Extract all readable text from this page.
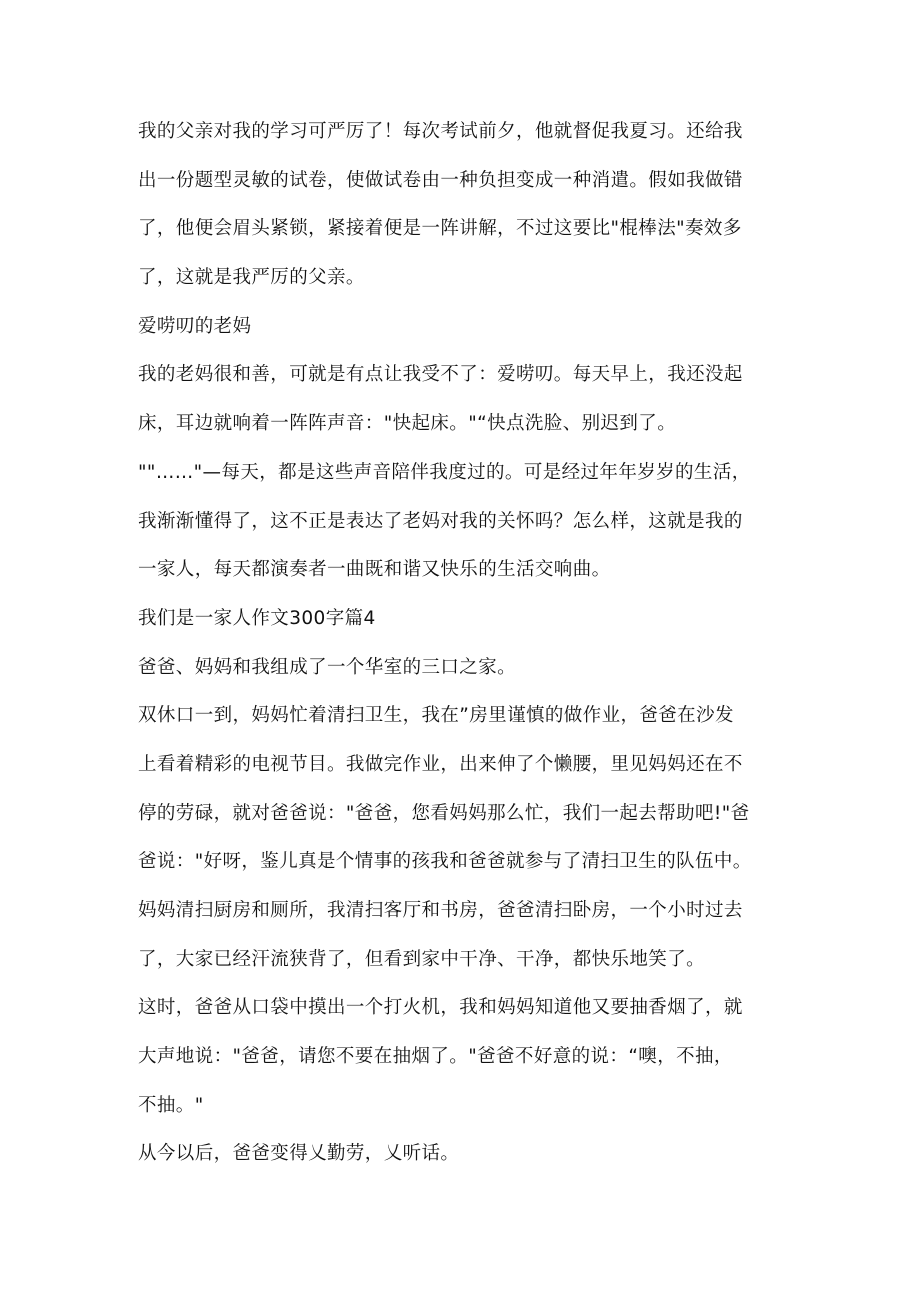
我的父亲对我的学习可严厉了！每次考试前夕，他就督促我夏习。还给我
出一份题型灵敏的试卷，使做试卷由一种负担变成一种消遣。假如我做错
了，他便会眉头紧锁，紧接着便是一阵讲解，不过这要比"棍棒法"奏效多
了，这就是我严厉的父亲。
爱唠叨的老妈
我的老妈很和善，可就是有点让我受不了：爱唠叨。每天早上，我还没起
床，耳边就响着一阵阵声音："快起床。"“快点洗脸、别迟到了。
""……"—每天，都是这些声音陪伴我度过的。可是经过年年岁岁的生活，
我渐渐懂得了，这不正是表达了老妈对我的关怀吗？怎么样，这就是我的
一家人，每天都演奏者一曲既和谐又快乐的生活交响曲。
我们是一家人作文300字篇4
爸爸、妈妈和我组成了一个华室的三口之家。
双休口一到，妈妈忙着清扫卫生，我在”房里谨慎的做作业，爸爸在沙发
上看着精彩的电视节目。我做完作业，出来伸了个懒腰，里见妈妈还在不
停的劳碌，就对爸爸说："爸爸，您看妈妈那么忙，我们一起去帮助吧!"爸
爸说："好呀，鉴儿真是个情事的孩我和爸爸就参与了清扫卫生的队伍中。
妈妈清扫厨房和厕所，我清扫客厅和书房，爸爸清扫卧房，一个小时过去
了，大家已经汗流狭背了，但看到家中干净、干净，都快乐地笑了。
这时，爸爸从口袋中摸出一个打火机，我和妈妈知道他又要抽香烟了，就
大声地说："爸爸，请您不要在抽烟了。"爸爸不好意的说：“噢，不抽，
不抽。"
从今以后，爸爸变得乂勤劳，乂听话。
